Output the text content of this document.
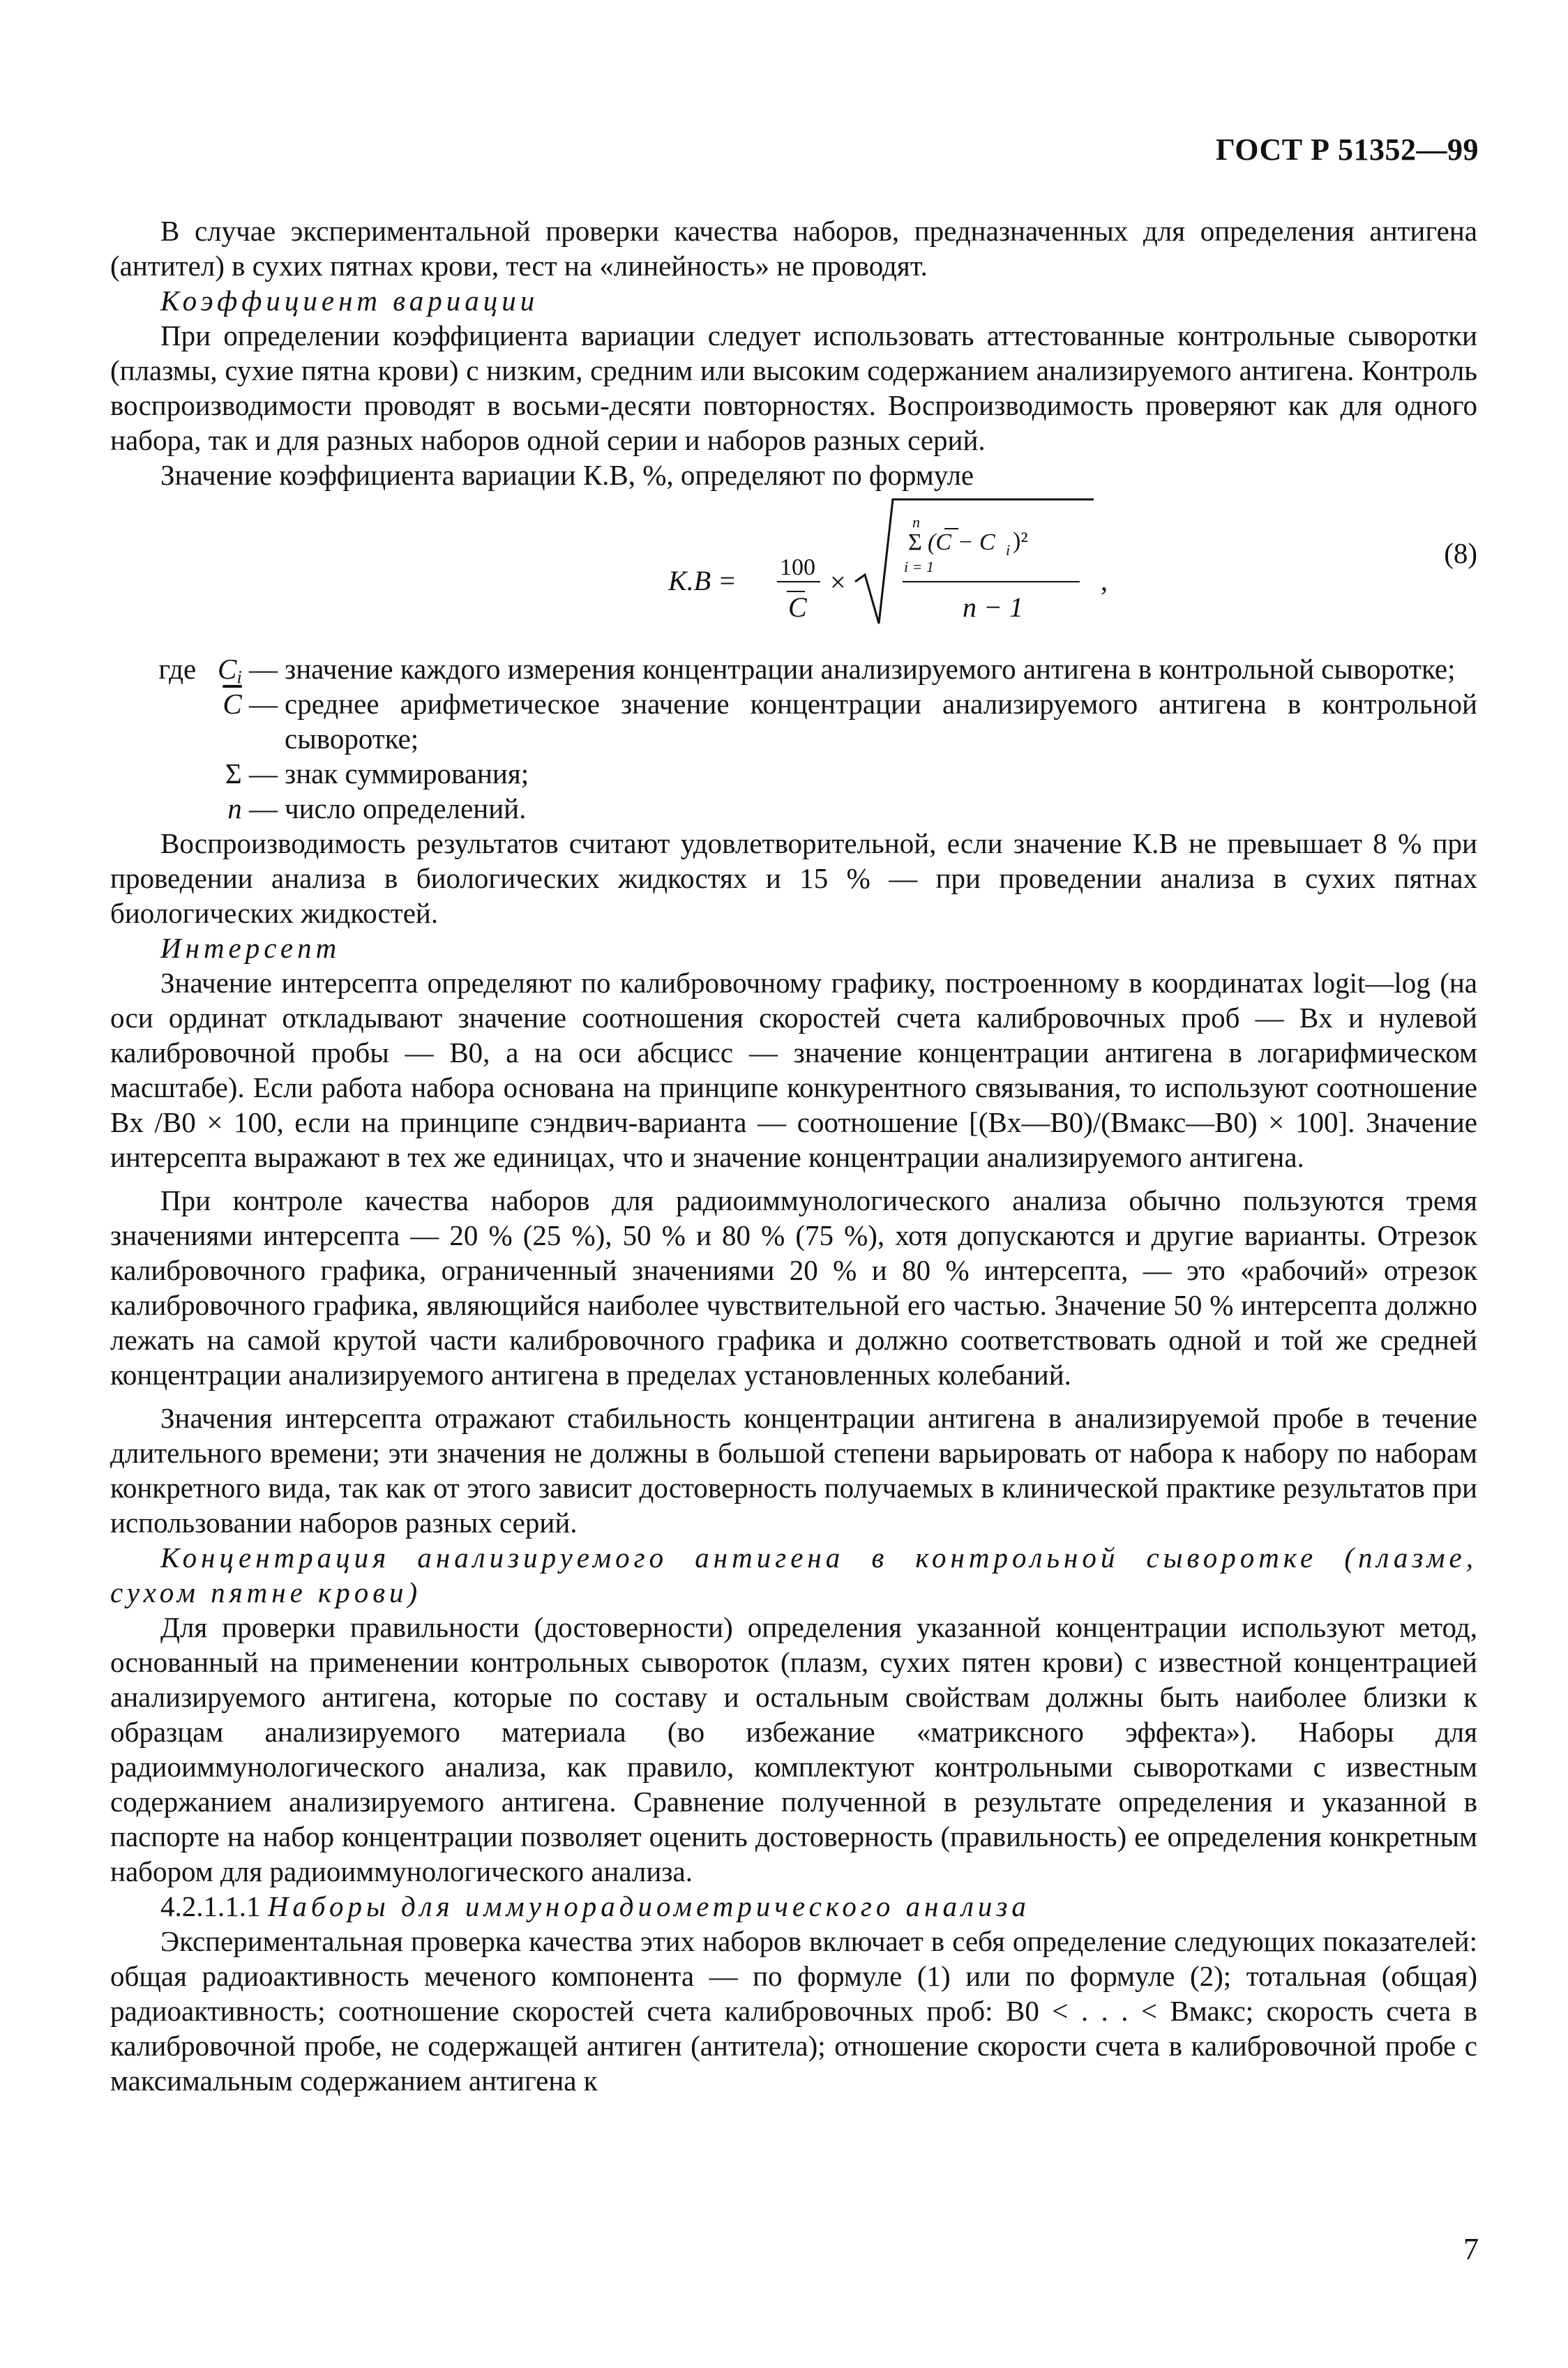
ГОСТ Р 51352—99

В случае экспериментальной проверки качества наборов, предназначенных для определения антигена (антител) в сухих пятнах крови, тест на «линейность» не проводят.

Коэффициент вариации

При определении коэффициента вариации следует использовать аттестованные контрольные сыворотки (плазмы, сухие пятна крови) с низким, средним или высоким содержанием анализируемого антигена. Контроль воспроизводимости проводят в восьми-десяти повторностях. Воспроизводимость проверяют как для одного набора, так и для разных наборов одной серии и наборов разных серий.

Значение коэффициента вариации К.В, %, определяют по формуле

К.В = 100
C
×
n
Σ (C − C i )²
i = 1
n − 1
,
(8)
где $C_i$ — значение каждого измерения концентрации анализируемого антигена в контрольной сыворотке;
$\overline{C}$ — среднее арифметическое значение концентрации анализируемого антигена в контрольной сыворотке;
Σ — знак суммирования;
n — число определений.

Воспроизводимость результатов считают удовлетворительной, если значение К.В не превышает 8 % при проведении анализа в биологических жидкостях и 15 % — при проведении анализа в сухих пятнах биологических жидкостей.

Интерсепт

Значение интерсепта определяют по калибровочному графику, построенному в координатах logit—log (на оси ординат откладывают значение соотношения скоростей счета калибровочных проб — Bx и нулевой калибровочной пробы — B0, а на оси абсцисс — значение концентрации антигена в логарифмическом масштабе). Если работа набора основана на принципе конкурентного связывания, то используют соотношение Bx /B0 × 100, если на принципе сэндвич-варианта — соотношение [(Bx—B0)/(Bмакс—B0) × 100]. Значение интерсепта выражают в тех же единицах, что и значение концентрации анализируемого антигена.

При контроле качества наборов для радиоиммунологического анализа обычно пользуются тремя значениями интерсепта — 20 % (25 %), 50 % и 80 % (75 %), хотя допускаются и другие варианты. Отрезок калибровочного графика, ограниченный значениями 20 % и 80 % интерсепта, — это «рабочий» отрезок калибровочного графика, являющийся наиболее чувствительной его частью. Значение 50 % интерсепта должно лежать на самой крутой части калибровочного графика и должно соответствовать одной и той же средней концентрации анализируемого антигена в пределах установленных колебаний.

Значения интерсепта отражают стабильность концентрации антигена в анализируемой пробе в течение длительного времени; эти значения не должны в большой степени варьировать от набора к набору по наборам конкретного вида, так как от этого зависит достоверность получаемых в клинической практике результатов при использовании наборов разных серий.

Концентрация анализируемого антигена в контрольной сыворотке (плазме, сухом пятне крови)

Для проверки правильности (достоверности) определения указанной концентрации используют метод, основанный на применении контрольных сывороток (плазм, сухих пятен крови) с известной концентрацией анализируемого антигена, которые по составу и остальным свойствам должны быть наиболее близки к образцам анализируемого материала (во избежание «матриксного эффекта»). Наборы для радиоиммунологического анализа, как правило, комплектуют контрольными сыворотками с известным содержанием анализируемого антигена. Сравнение полученной в результате определения и указанной в паспорте на набор концентрации позволяет оценить достоверность (правильность) ее определения конкретным набором для радиоиммунологического анализа.

4.2.1.1.1 Наборы для иммунорадиометрического анализа

Экспериментальная проверка качества этих наборов включает в себя определение следующих показателей: общая радиоактивность меченого компонента — по формуле (1) или по формуле (2); тотальная (общая) радиоактивность; соотношение скоростей счета калибровочных проб: B0 < . . . < Bмакс; скорость счета в калибровочной пробе, не содержащей антиген (антитела); отношение скорости счета в калибровочной пробе с максимальным содержанием антигена к

7
